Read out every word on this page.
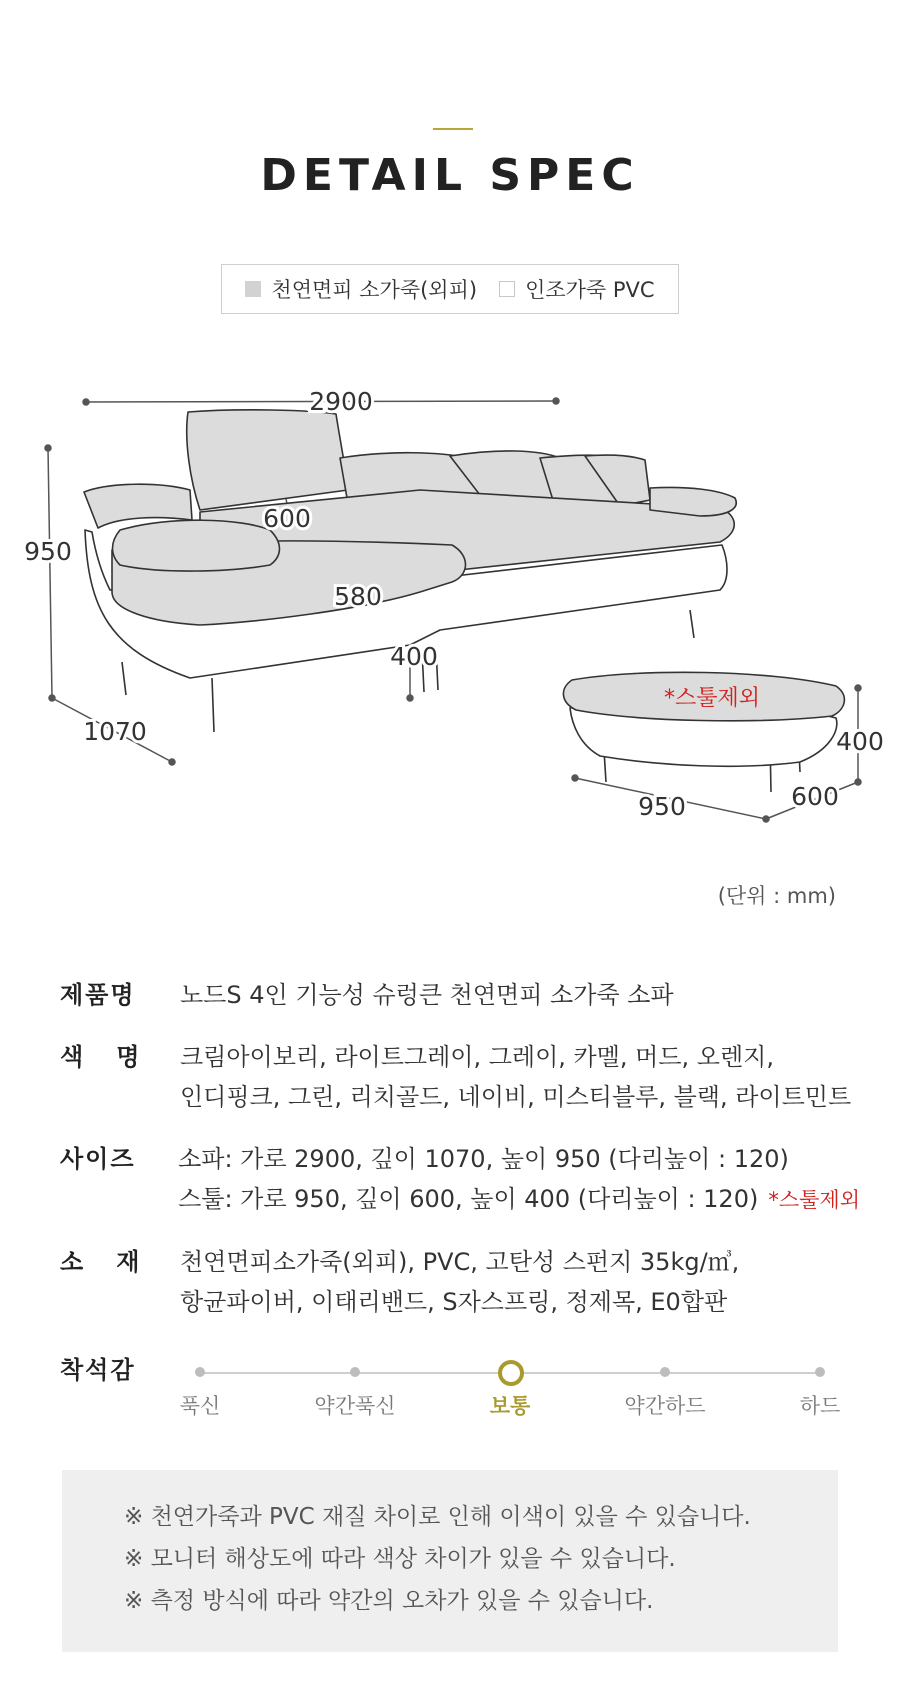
DETAIL SPEC
천연면피 소가죽(외피) 인조가죽 PVC
2900
950
1070
600
580
400
*스툴제외
400
950	600
(단위 : mm)
제품명	노드S 4인 기능성 슈렁큰 천연면피 소가죽 소파
색   명	크림아이보리, 라이트그레이, 그레이, 카멜, 머드, 오렌지,
인디핑크, 그린, 리치골드, 네이비, 미스티블루, 블랙, 라이트민트
사이즈	소파: 가로 2900, 깊이 1070, 높이 950 (다리높이 : 120)
스툴: 가로 950, 깊이 600, 높이 400 (다리높이 : 120) *스툴제외
소   재	천연면피소가죽(외피), PVC, 고탄성 스펀지 35kg/㎥,
항균파이버, 이태리밴드, S자스프링, 정제목, E0합판
착석감
푹신	약간푹신	보통	약간하드	하드
※ 천연가죽과 PVC 재질 차이로 인해 이색이 있을 수 있습니다.
※ 모니터 해상도에 따라 색상 차이가 있을 수 있습니다.
※ 측정 방식에 따라 약간의 오차가 있을 수 있습니다.
